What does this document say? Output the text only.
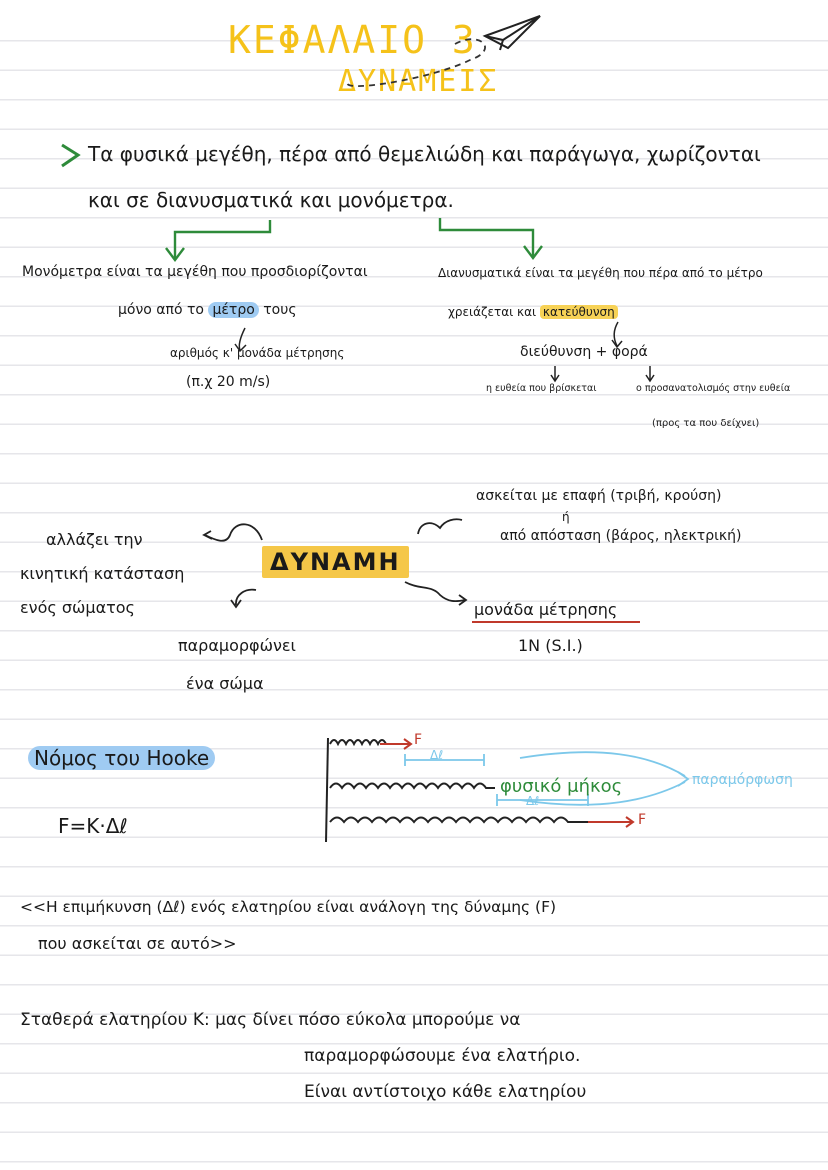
ΚΕΦΑΛΑΙΟ 3
ΔΥΝΑΜΕΙΣ
Τα φυσικά μεγέθη, πέρα από θεμελιώδη και παράγωγα, χωρίζονται
και σε διανυσματικά και μονόμετρα.
Μονόμετρα είναι τα μεγέθη που προσδιορίζονται
μόνο από το μέτρο τους
αριθμός κ' μονάδα μέτρησης
(π.χ 20 m/s)
Διανυσματικά είναι τα μεγέθη που πέρα από το μέτρο
χρειάζεται και κατεύθυνση
διεύθυνση + φορά
η ευθεία που βρίσκεται	ο προσανατολισμός στην ευθεία
(προς τα που δείχνει)
ασκείται με επαφή (τριβή, κρούση)
ή
από απόσταση (βάρος, ηλεκτρική)
ΔΥΝΑΜΗ
αλλάζει την
κινητική κατάσταση
ενός σώματος
παραμορφώνει
ένα σώμα
μονάδα μέτρησης
1N (S.I.)
Νόμος του Hooke
F=K·Δℓ
F
Δℓ
φυσικό μήκος
Δℓ
παραμόρφωση
F
<<Η επιμήκυνση (Δℓ) ενός ελατηρίου είναι ανάλογη της δύναμης (F)
που ασκείται σε αυτό>>
Σταθερά ελατηρίου K: μας δίνει πόσο εύκολα μπορούμε να
παραμορφώσουμε ένα ελατήριο.
Είναι αντίστοιχο κάθε ελατηρίου
